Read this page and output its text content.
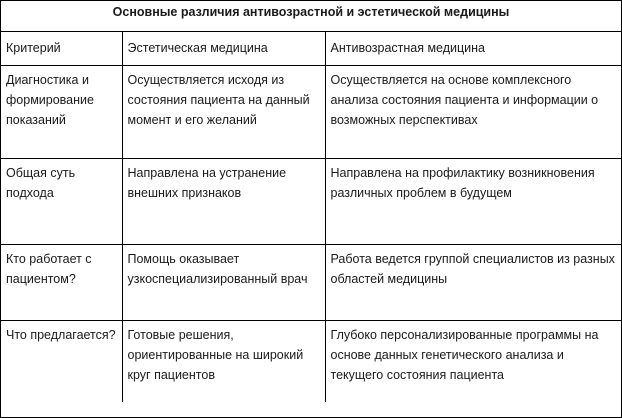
Основные различия антивозрастной и эстетической медицины		
Критерий	Эстетическая медицина	Антивозрастная медицина
Диагностика и формирование показаний	Осуществляется исходя из состояния пациента на данный момент и его желаний	Осуществляется на основе комплексного анализа состояния пациента и информации о возможных перспективах
Общая суть подхода	Направлена на устранение внешних признаков	Направлена на профилактику возникновения различных проблем в будущем
Кто работает с пациентом?	Помощь оказывает узкоспециализированный врач	Работа ведется группой специалистов из разных областей медицины
Что предлагается?	Готовые решения, ориентированные на широкий круг пациентов	Глубоко персонализированные программы на основе данных генетического анализа и текущего состояния пациента
